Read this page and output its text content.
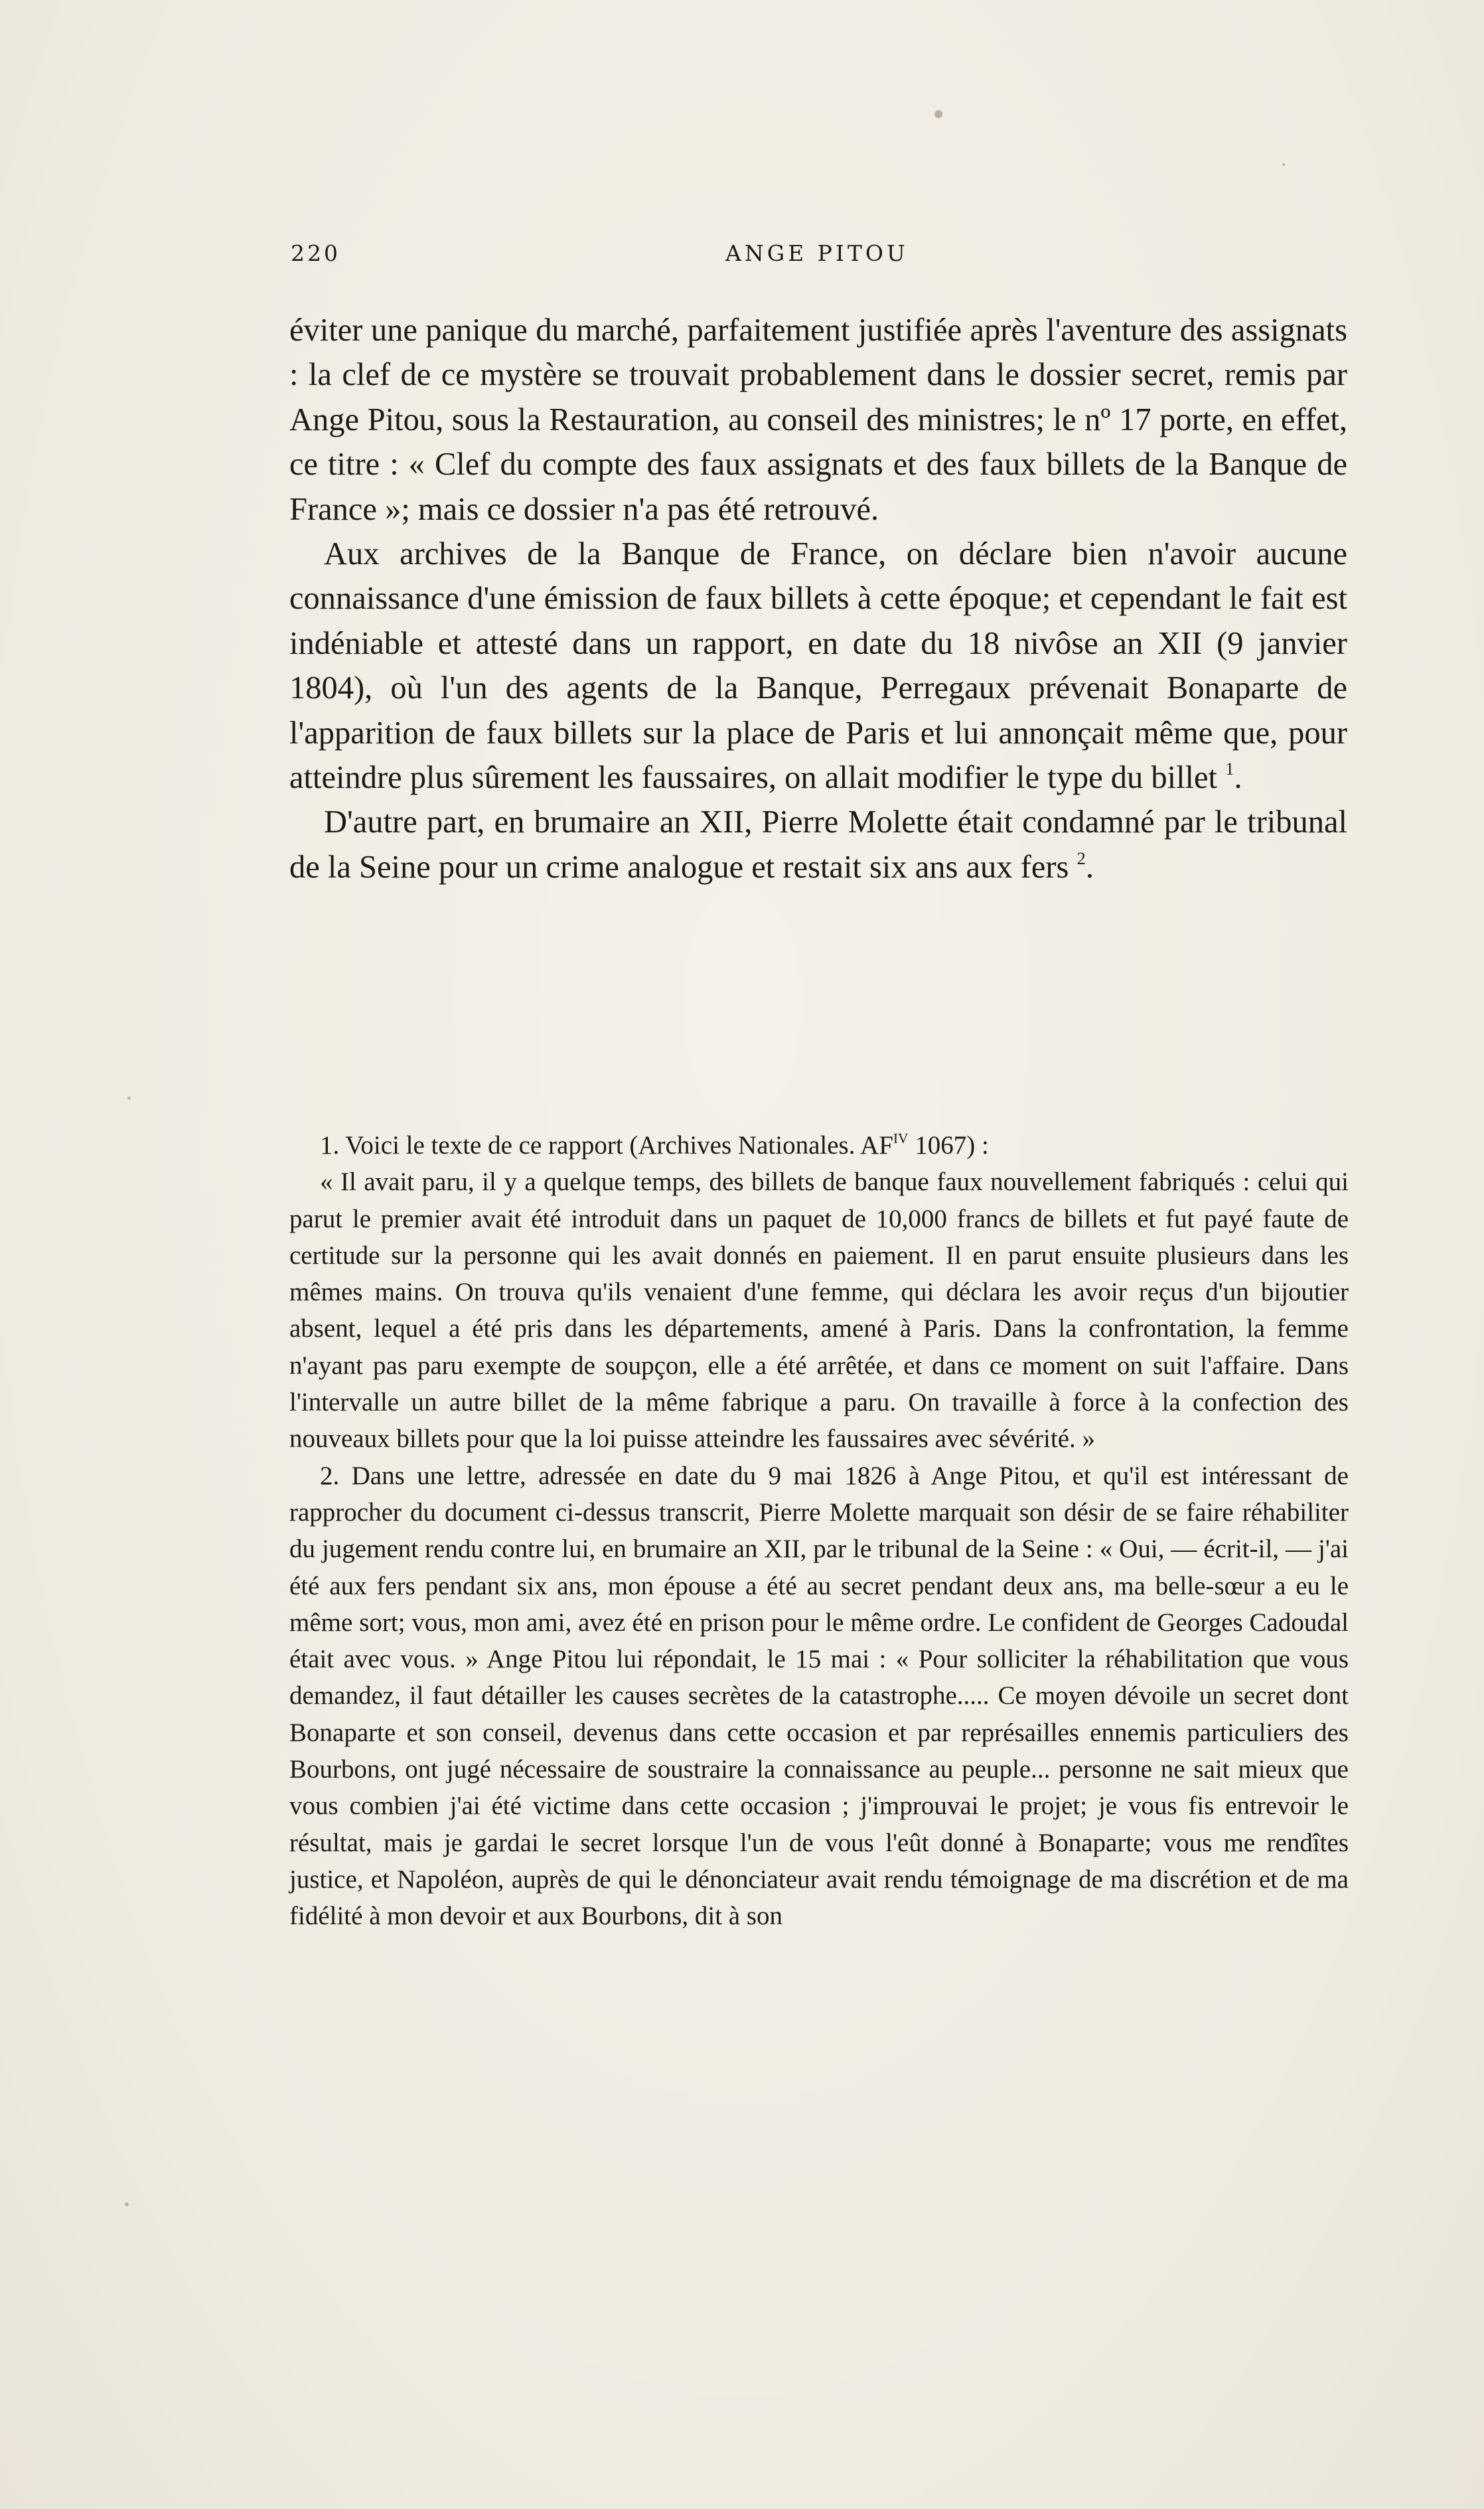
220	ANGE PITOU

éviter une panique du marché, parfaitement justifiée après l'aventure des assignats : la clef de ce mystère se trouvait probablement dans le dossier secret, remis par Ange Pitou, sous la Restauration, au conseil des ministres; le nº 17 porte, en effet, ce titre : « Clef du compte des faux assignats et des faux billets de la Banque de France »; mais ce dossier n'a pas été retrouvé.

Aux archives de la Banque de France, on déclare bien n'avoir aucune connaissance d'une émission de faux billets à cette époque; et cependant le fait est indéniable et attesté dans un rapport, en date du 18 nivôse an XII (9 janvier 1804), où l'un des agents de la Banque, Perregaux prévenait Bonaparte de l'apparition de faux billets sur la place de Paris et lui annonçait même que, pour atteindre plus sûrement les faussaires, on allait modifier le type du billet $^1$.

D'autre part, en brumaire an XII, Pierre Molette était condamné par le tribunal de la Seine pour un crime analogue et restait six ans aux fers $^2$.

1. Voici le texte de ce rapport (Archives Nationales. $AF^{IV}$ 1067) :

« Il avait paru, il y a quelque temps, des billets de banque faux nouvellement fabriqués : celui qui parut le premier avait été introduit dans un paquet de 10,000 francs de billets et fut payé faute de certitude sur la personne qui les avait donnés en paiement. Il en parut ensuite plusieurs dans les mêmes mains. On trouva qu'ils venaient d'une femme, qui déclara les avoir reçus d'un bijoutier absent, lequel a été pris dans les départements, amené à Paris. Dans la confrontation, la femme n'ayant pas paru exempte de soupçon, elle a été arrêtée, et dans ce moment on suit l'affaire. Dans l'intervalle un autre billet de la même fabrique a paru. On travaille à force à la confection des nouveaux billets pour que la loi puisse atteindre les faussaires avec sévérité. »

2. Dans une lettre, adressée en date du 9 mai 1826 à Ange Pitou, et qu'il est intéressant de rapprocher du document ci-dessus transcrit, Pierre Molette marquait son désir de se faire réhabiliter du jugement rendu contre lui, en brumaire an XII, par le tribunal de la Seine : « Oui, — écrit-il, — j'ai été aux fers pendant six ans, mon épouse a été au secret pendant deux ans, ma belle-sœur a eu le même sort; vous, mon ami, avez été en prison pour le même ordre. Le confident de Georges Cadoudal était avec vous. » Ange Pitou lui répondait, le 15 mai : « Pour solliciter la réhabilitation que vous demandez, il faut détailler les causes secrètes de la catastrophe..... Ce moyen dévoile un secret dont Bonaparte et son conseil, devenus dans cette occasion et par représailles ennemis particuliers des Bourbons, ont jugé nécessaire de soustraire la connaissance au peuple... personne ne sait mieux que vous combien j'ai été victime dans cette occasion ; j'improuvai le projet; je vous fis entrevoir le résultat, mais je gardai le secret lorsque l'un de vous l'eût donné à Bonaparte; vous me rendîtes justice, et Napoléon, auprès de qui le dénonciateur avait rendu témoignage de ma discrétion et de ma fidélité à mon devoir et aux Bourbons, dit à son
